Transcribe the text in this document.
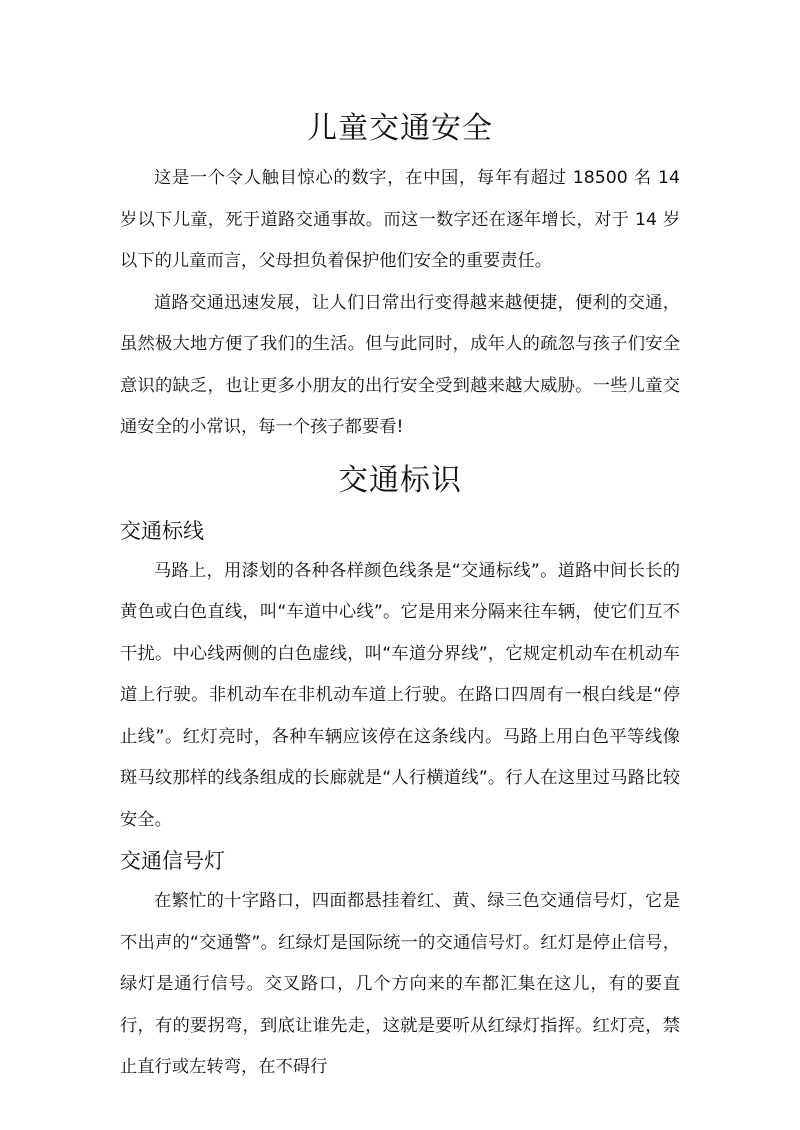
儿童交通安全

这是一个令人触目惊心的数字，在中国，每年有超过 18500 名 14 岁以下儿童，死于道路交通事故。而这一数字还在逐年增长，对于 14 岁以下的儿童而言，父母担负着保护他们安全的重要责任。

道路交通迅速发展，让人们日常出行变得越来越便捷，便利的交通，虽然极大地方便了我们的生活。但与此同时，成年人的疏忽与孩子们安全意识的缺乏，也让更多小朋友的出行安全受到越来越大威胁。一些儿童交通安全的小常识，每一个孩子都要看!

交通标识
交通标线

马路上，用漆划的各种各样颜色线条是“交通标线”。道路中间长长的黄色或白色直线，叫“车道中心线”。它是用来分隔来往车辆，使它们互不干扰。中心线两侧的白色虚线，叫“车道分界线”，它规定机动车在机动车道上行驶。非机动车在非机动车道上行驶。在路口四周有一根白线是“停止线”。红灯亮时，各种车辆应该停在这条线内。马路上用白色平等线像斑马纹那样的线条组成的长廊就是“人行横道线”。行人在这里过马路比较安全。

交通信号灯

在繁忙的十字路口，四面都悬挂着红、黄、绿三色交通信号灯，它是不出声的“交通警”。红绿灯是国际统一的交通信号灯。红灯是停止信号，绿灯是通行信号。交叉路口，几个方向来的车都汇集在这儿，有的要直行，有的要拐弯，到底让谁先走，这就是要听从红绿灯指挥。红灯亮，禁止直行或左转弯，在不碍行
